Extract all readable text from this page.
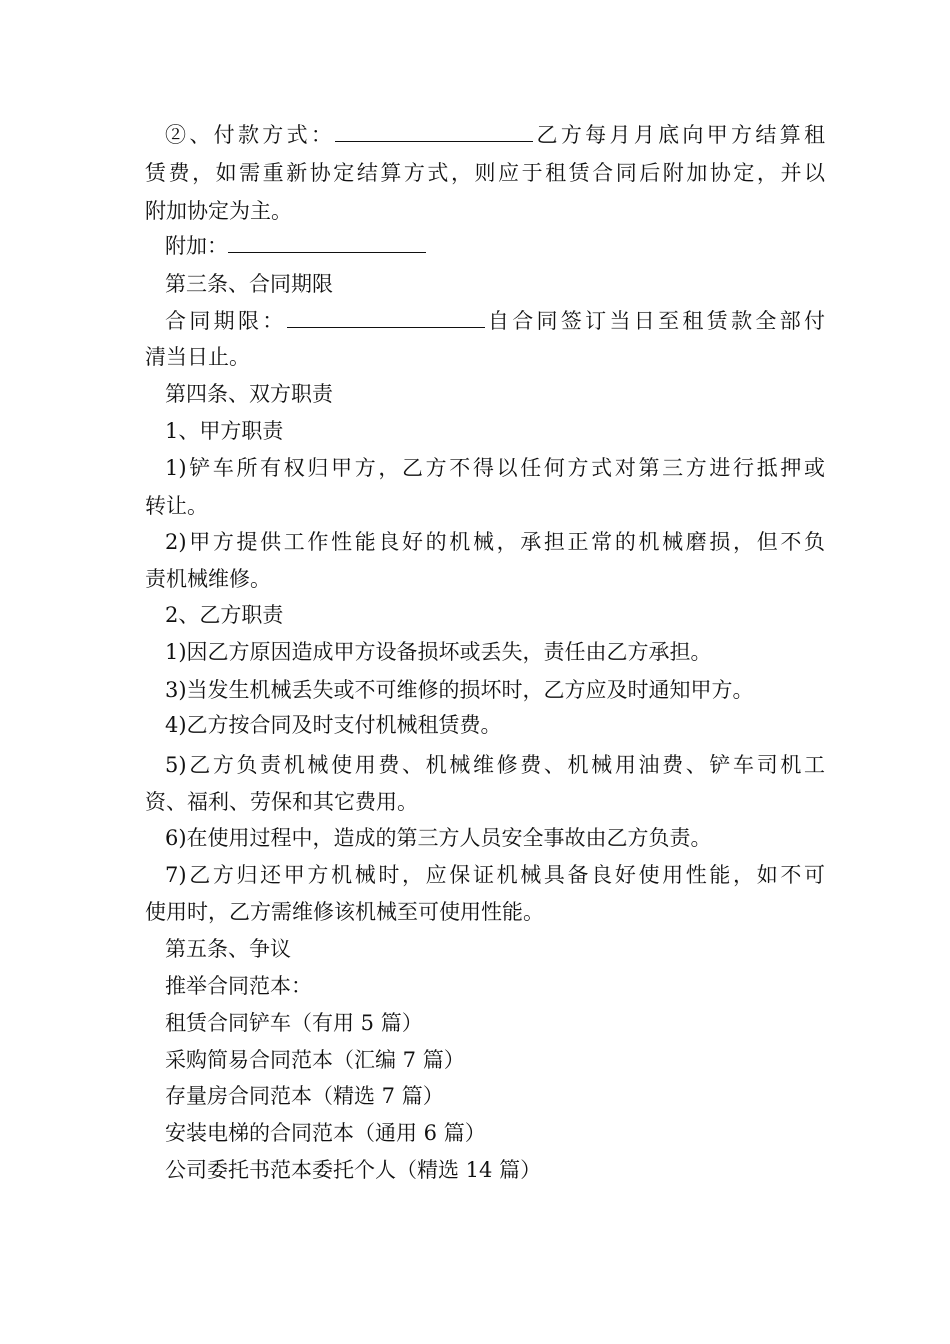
②、付款方式：	乙方每月月底向甲方结算租
赁费，如需重新协定结算方式，则应于租赁合同后附加协定，并以
附加协定为主。
附加：
第三条、合同期限
合同期限：	自合同签订当日至租赁款全部付
清当日止。
第四条、双方职责
1、甲方职责
1)铲车所有权归甲方，乙方不得以任何方式对第三方进行抵押或
转让。
2)甲方提供工作性能良好的机械，承担正常的机械磨损，但不负
责机械维修。
2、乙方职责
1)因乙方原因造成甲方设备损坏或丢失，责任由乙方承担。
3)当发生机械丢失或不可维修的损坏时，乙方应及时通知甲方。
4)乙方按合同及时支付机械租赁费。
5)乙方负责机械使用费、机械维修费、机械用油费、铲车司机工
资、福利、劳保和其它费用。
6)在使用过程中，造成的第三方人员安全事故由乙方负责。
7)乙方归还甲方机械时，应保证机械具备良好使用性能，如不可
使用时，乙方需维修该机械至可使用性能。
第五条、争议
推举合同范本：
租赁合同铲车（有用 5 篇）
采购简易合同范本（汇编 7 篇）
存量房合同范本（精选 7 篇）
安装电梯的合同范本（通用 6 篇）
公司委托书范本委托个人（精选 14 篇）
